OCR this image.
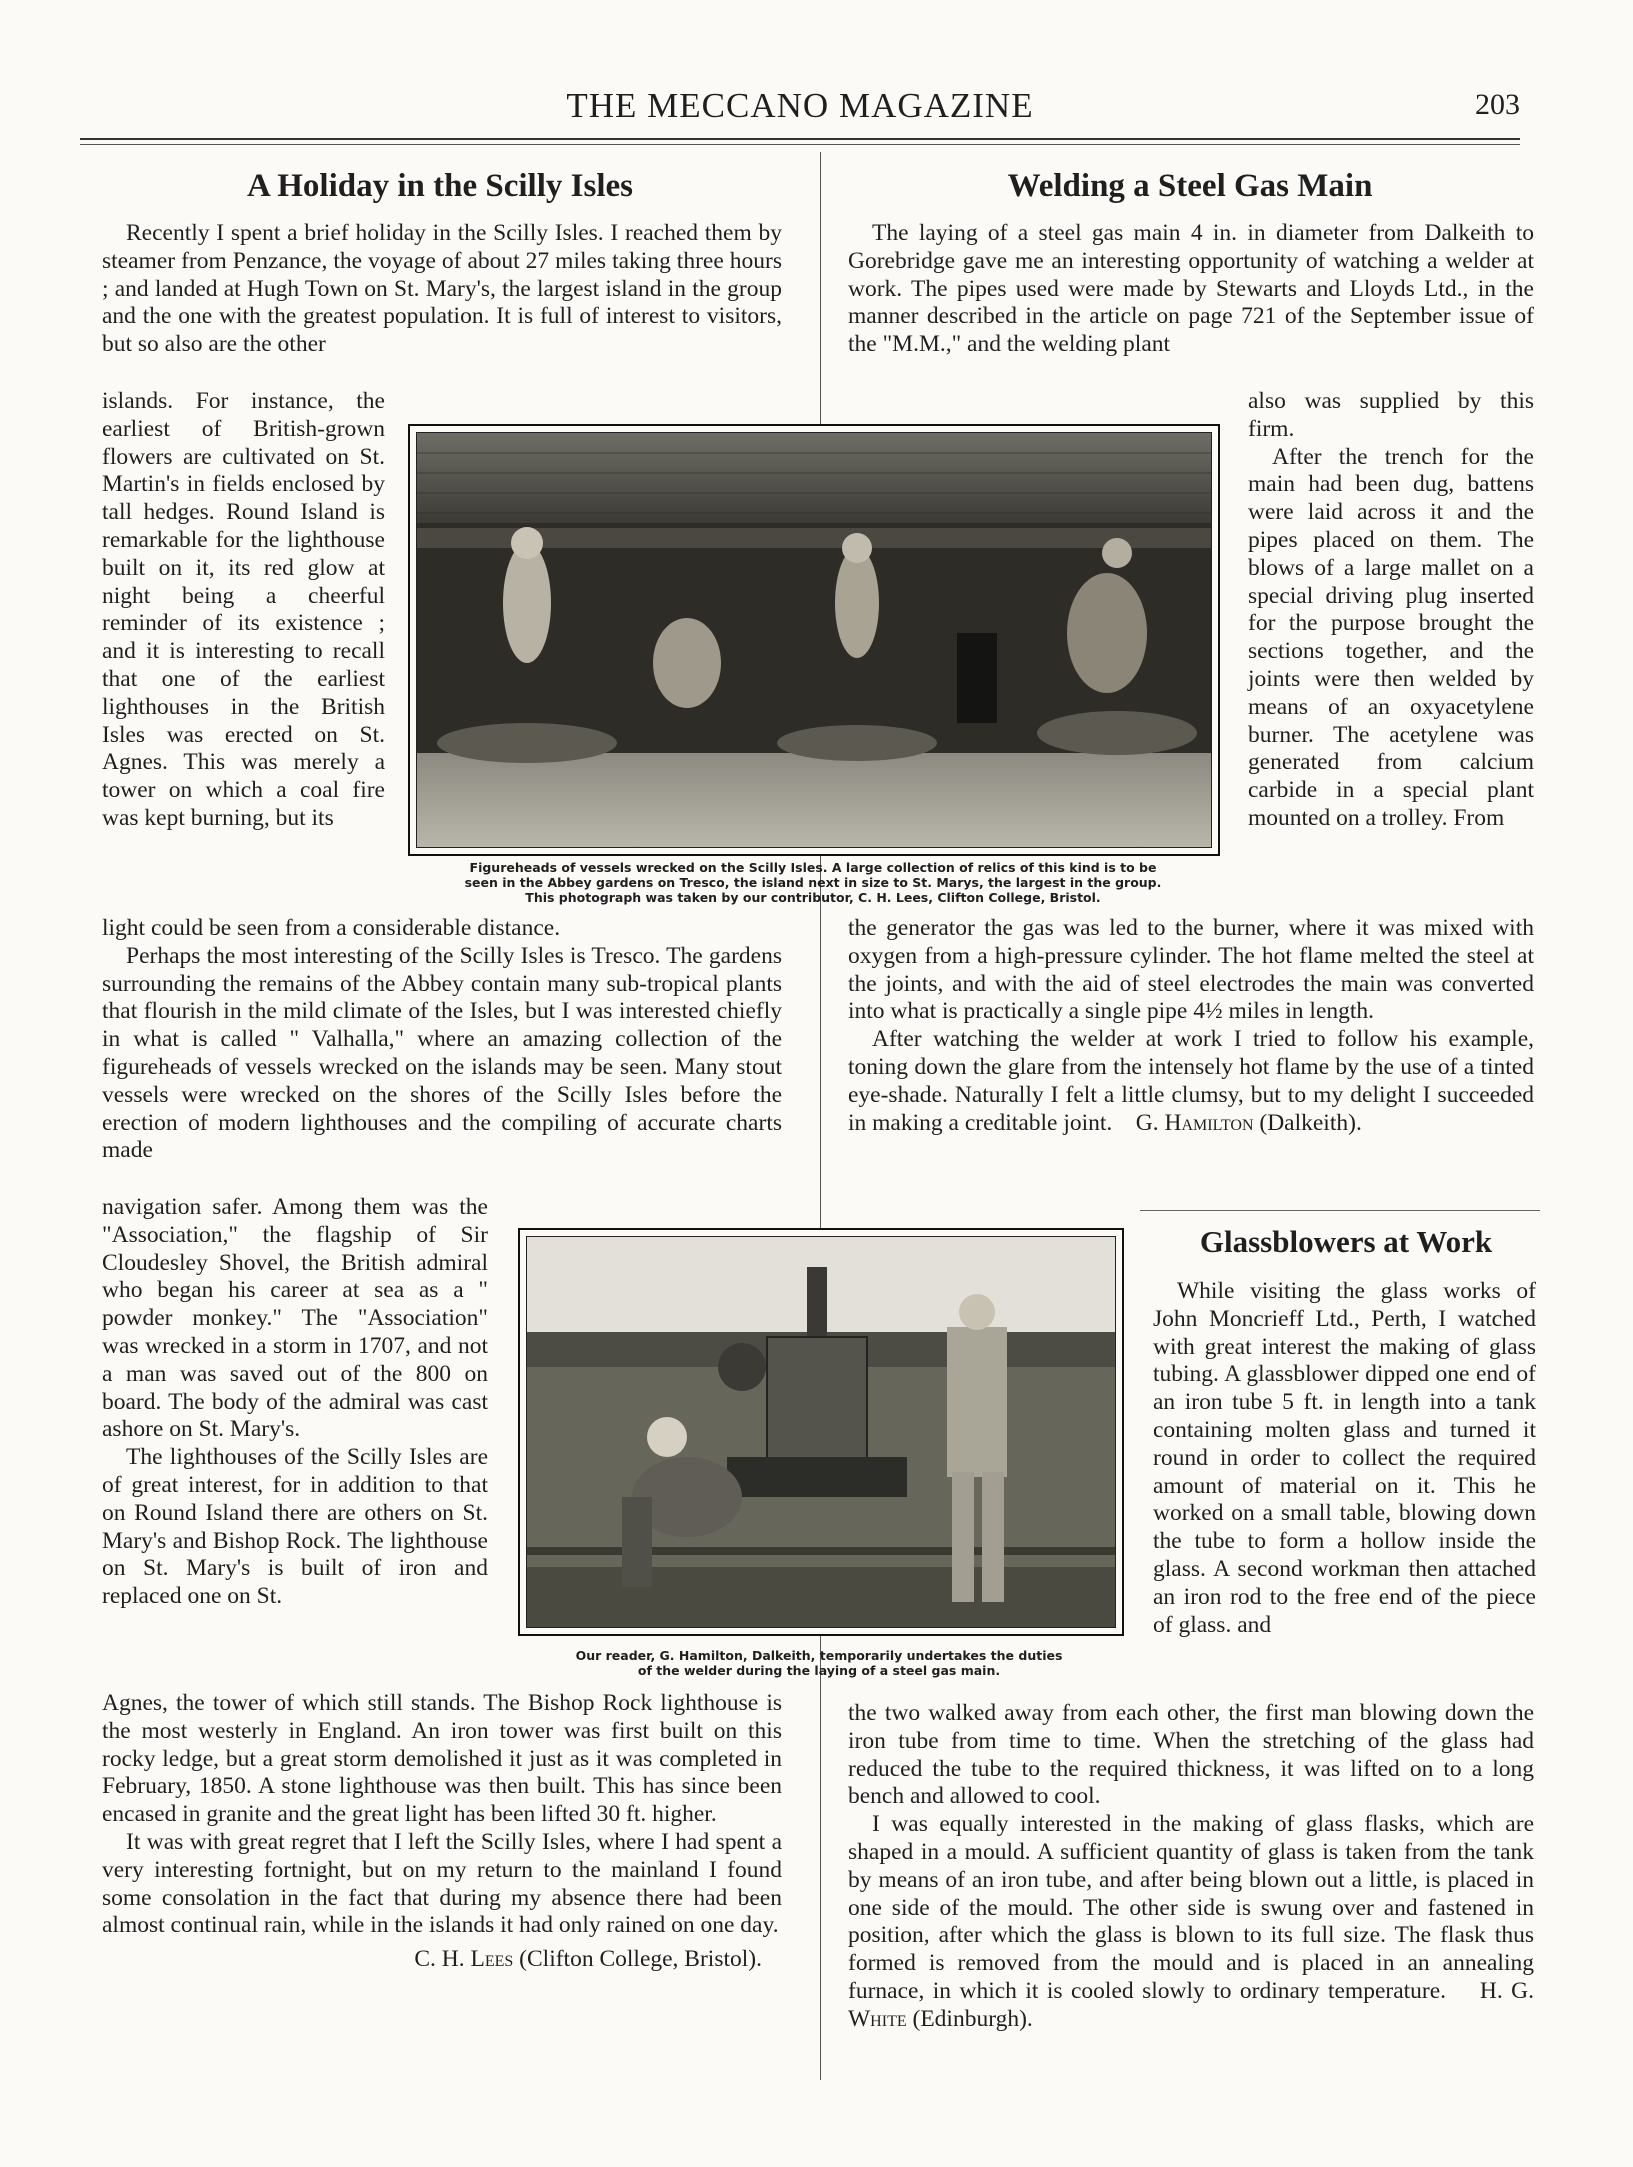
THE MECCANO MAGAZINE	203
A Holiday in the Scilly Isles

Recently I spent a brief holiday in the Scilly Isles. I reached them by steamer from Penzance, the voyage of about 27 miles taking three hours ; and landed at Hugh Town on St. Mary's, the largest island in the group and the one with the greatest population. It is full of interest to visitors, but so also are the other

islands. For instance, the earliest of British-grown flowers are cultivated on St. Martin's in fields enclosed by tall hedges. Round Island is remarkable for the lighthouse built on it, its red glow at night being a cheerful reminder of its existence ; and it is interesting to recall that one of the earliest lighthouses in the British Isles was erected on St. Agnes. This was merely a tower on which a coal fire was kept burning, but its

Figureheads of vessels wrecked on the Scilly Isles. A large collection of relics of this kind is to be
seen in the Abbey gardens on Tresco, the island next in size to St. Marys, the largest in the group.
This photograph was taken by our contributor, C. H. Lees, Clifton College, Bristol.

light could be seen from a considerable distance.

Perhaps the most interesting of the Scilly Isles is Tresco. The gardens surrounding the remains of the Abbey contain many sub-tropical plants that flourish in the mild climate of the Isles, but I was interested chiefly in what is called " Valhalla," where an amazing collection of the figureheads of vessels wrecked on the islands may be seen. Many stout vessels were wrecked on the shores of the Scilly Isles before the erection of modern lighthouses and the compiling of accurate charts made

navigation safer. Among them was the "Association," the flagship of Sir Cloudesley Shovel, the British admiral who began his career at sea as a " powder monkey." The "Association" was wrecked in a storm in 1707, and not a man was saved out of the 800 on board. The body of the admiral was cast ashore on St. Mary's.

The lighthouses of the Scilly Isles are of great interest, for in addition to that on Round Island there are others on St. Mary's and Bishop Rock. The lighthouse on St. Mary's is built of iron and replaced one on St.

Our reader, G. Hamilton, Dalkeith, temporarily undertakes the duties
of the welder during the laying of a steel gas main.

Agnes, the tower of which still stands. The Bishop Rock lighthouse is the most westerly in England. An iron tower was first built on this rocky ledge, but a great storm demolished it just as it was completed in February, 1850. A stone lighthouse was then built. This has since been encased in granite and the great light has been lifted 30 ft. higher.

It was with great regret that I left the Scilly Isles, where I had spent a very interesting fortnight, but on my return to the mainland I found some consolation in the fact that during my absence there had been almost continual rain, while in the islands it had only rained on one day.

C. H. Lees (Clifton College, Bristol).
Welding a Steel Gas Main

The laying of a steel gas main 4 in. in diameter from Dalkeith to Gorebridge gave me an interesting opportunity of watching a welder at work. The pipes used were made by Stewarts and Lloyds Ltd., in the manner described in the article on page 721 of the September issue of the "M.M.," and the welding plant

also was supplied by this firm.

After the trench for the main had been dug, battens were laid across it and the pipes placed on them. The blows of a large mallet on a special driving plug inserted for the purpose brought the sections together, and the joints were then welded by means of an oxyacetylene burner. The acetylene was generated from calcium carbide in a special plant mounted on a trolley. From

the generator the gas was led to the burner, where it was mixed with oxygen from a high-pressure cylinder. The hot flame melted the steel at the joints, and with the aid of steel electrodes the main was converted into what is practically a single pipe 4½ miles in length.

After watching the welder at work I tried to follow his example, toning down the glare from the intensely hot flame by the use of a tinted eye-shade. Naturally I felt a little clumsy, but to my delight I succeeded in making a creditable joint. G. Hamilton (Dalkeith).

Glassblowers at Work

While visiting the glass works of John Moncrieff Ltd., Perth, I watched with great interest the making of glass tubing. A glassblower dipped one end of an iron tube 5 ft. in length into a tank containing molten glass and turned it round in order to collect the required amount of material on it. This he worked on a small table, blowing down the tube to form a hollow inside the glass. A second workman then attached an iron rod to the free end of the piece of glass. and

the two walked away from each other, the first man blowing down the iron tube from time to time. When the stretching of the glass had reduced the tube to the required thickness, it was lifted on to a long bench and allowed to cool.

I was equally interested in the making of glass flasks, which are shaped in a mould. A sufficient quantity of glass is taken from the tank by means of an iron tube, and after being blown out a little, is placed in one side of the mould. The other side is swung over and fastened in position, after which the glass is blown to its full size. The flask thus formed is removed from the mould and is placed in an annealing furnace, in which it is cooled slowly to ordinary temperature. H. G. White (Edinburgh).
